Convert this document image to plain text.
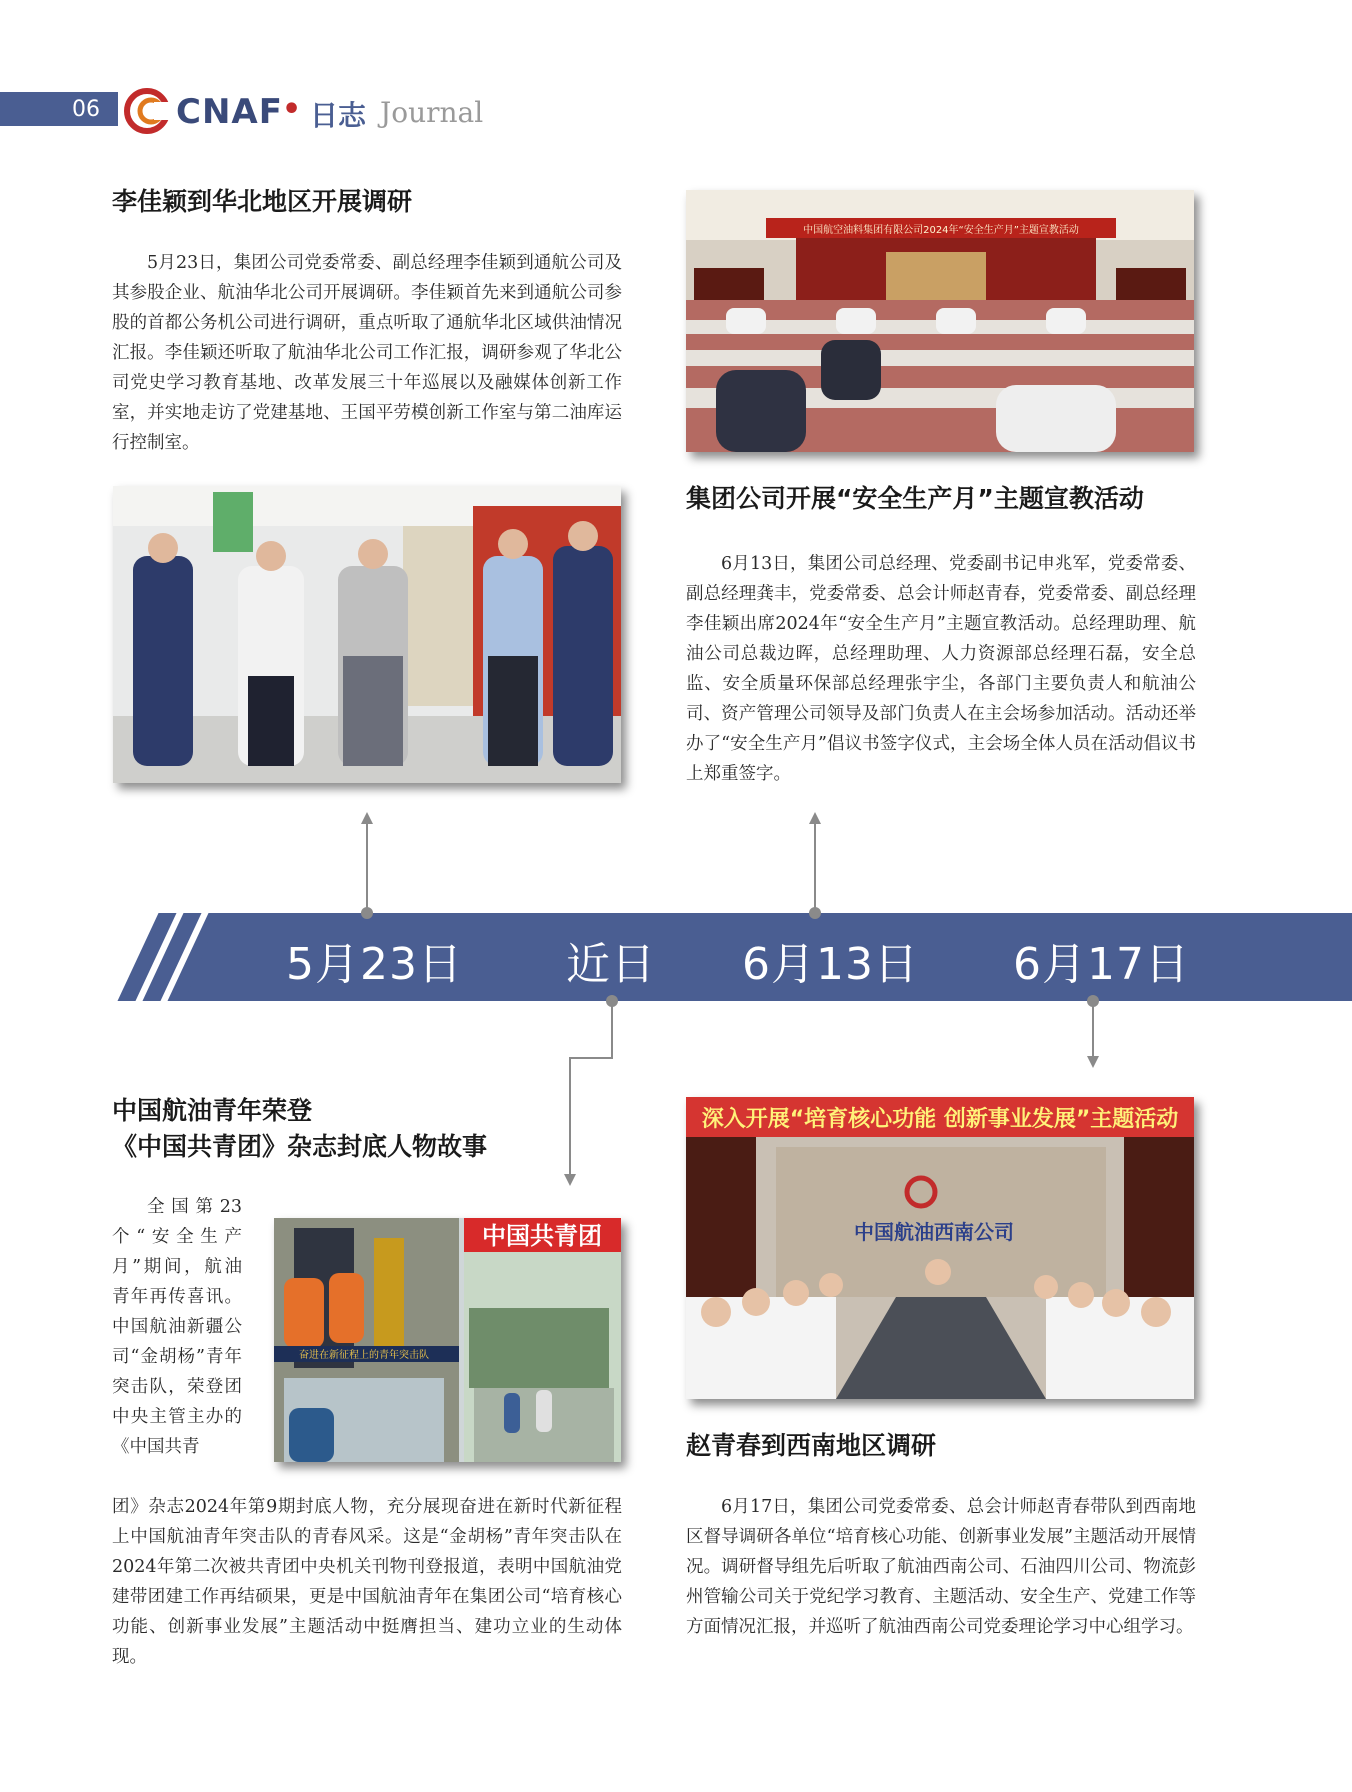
06 CNAF • 日志 Journal
李佳颖到华北地区开展调研

5月23日，集团公司党委常委、副总经理李佳颖到通航公司及其参股企业、航油华北公司开展调研。李佳颖首先来到通航公司参股的首都公务机公司进行调研，重点听取了通航华北区域供油情况汇报。李佳颖还听取了航油华北公司工作汇报，调研参观了华北公司党史学习教育基地、改革发展三十年巡展以及融媒体创新工作室，并实地走访了党建基地、王国平劳模创新工作室与第二油库运行控制室。

中国航空油料集团有限公司2024年“安全生产月”主题宣教活动
集团公司开展“安全生产月”主题宣教活动

6月13日，集团公司总经理、党委副书记申兆军，党委常委、副总经理龚丰，党委常委、总会计师赵青春，党委常委、副总经理李佳颖出席2024年“安全生产月”主题宣教活动。总经理助理、航油公司总裁边晖，总经理助理、人力资源部总经理石磊，安全总监、安全质量环保部总经理张宇尘，各部门主要负责人和航油公司、资产管理公司领导及部门负责人在主会场参加活动。活动还举办了“安全生产月”倡议书签字仪式，主会场全体人员在活动倡议书上郑重签字。

5月23日 近日 6月13日 6月17日
中国航油青年荣登
《中国共青团》杂志封底人物故事

全国第23个“安全生产月”期间，航油青年再传喜讯。中国航油新疆公司“金胡杨”青年突击队，荣登团中央主管主办的《中国共青

团》杂志2024年第9期封底人物，充分展现奋进在新时代新征程上中国航油青年突击队的青春风采。这是“金胡杨”青年突击队在2024年第二次被共青团中央机关刊物刊登报道，表明中国航油党建带团建工作再结硕果，更是中国航油青年在集团公司“培育核心功能、创新事业发展”主题活动中挺膺担当、建功立业的生动体现。

奋进在新征程上的青年突击队
中国共青团
深入开展“培育核心功能 创新事业发展”主题活动
中国航油西南公司
赵青春到西南地区调研

6月17日，集团公司党委常委、总会计师赵青春带队到西南地区督导调研各单位“培育核心功能、创新事业发展”主题活动开展情况。调研督导组先后听取了航油西南公司、石油四川公司、物流彭州管输公司关于党纪学习教育、主题活动、安全生产、党建工作等方面情况汇报，并巡听了航油西南公司党委理论学习中心组学习。
